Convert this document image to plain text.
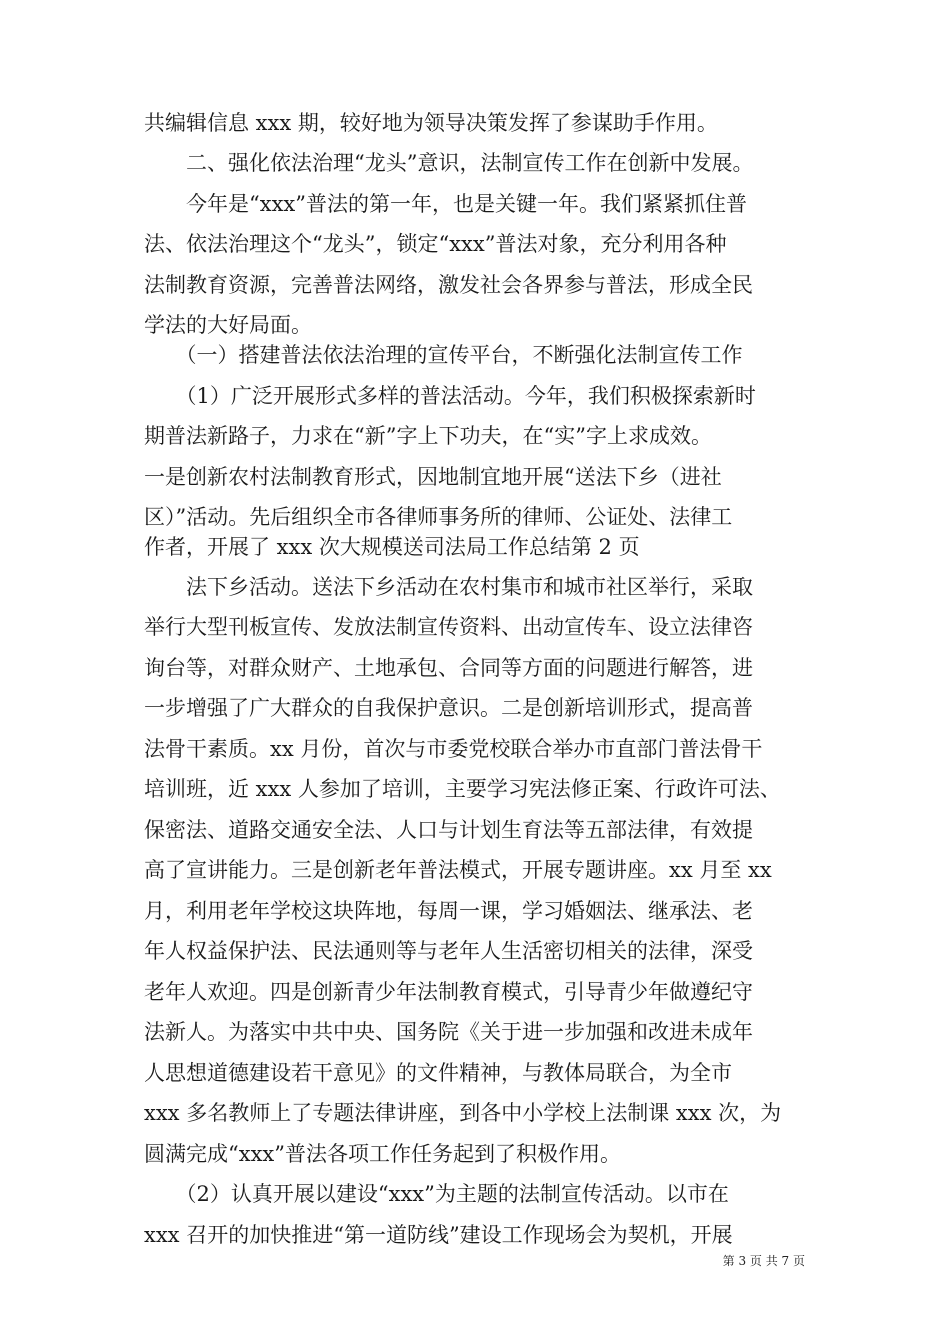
共编辑信息 xxx 期，较好地为领导决策发挥了参谋助手作用。
　　二、强化依法治理“龙头”意识，法制宣传工作在创新中发展。
　　今年是“xxx”普法的第一年，也是关键一年。我们紧紧抓住普
法、依法治理这个“龙头”，锁定“xxx”普法对象，充分利用各种
法制教育资源，完善普法网络，激发社会各界参与普法，形成全民
学法的大好局面。
　　（一）搭建普法依法治理的宣传平台，不断强化法制宣传工作
　　（1）广泛开展形式多样的普法活动。今年，我们积极探索新时
期普法新路子，力求在“新”字上下功夫，在“实”字上求成效。
一是创新农村法制教育形式，因地制宜地开展“送法下乡（进社
区）”活动。先后组织全市各律师事务所的律师、公证处、法律工
作者，开展了 xxx 次大规模送司法局工作总结第 2 页
　　法下乡活动。送法下乡活动在农村集市和城市社区举行，采取
举行大型刊板宣传、发放法制宣传资料、出动宣传车、设立法律咨
询台等，对群众财产、土地承包、合同等方面的问题进行解答，进
一步增强了广大群众的自我保护意识。二是创新培训形式，提高普
法骨干素质。xx 月份，首次与市委党校联合举办市直部门普法骨干
培训班，近 xxx 人参加了培训，主要学习宪法修正案、行政许可法、
保密法、道路交通安全法、人口与计划生育法等五部法律，有效提
高了宣讲能力。三是创新老年普法模式，开展专题讲座。xx 月至 xx
月，利用老年学校这块阵地，每周一课，学习婚姻法、继承法、老
年人权益保护法、民法通则等与老年人生活密切相关的法律，深受
老年人欢迎。四是创新青少年法制教育模式，引导青少年做遵纪守
法新人。为落实中共中央、国务院《关于进一步加强和改进未成年
人思想道德建设若干意见》的文件精神，与教体局联合，为全市
xxx 多名教师上了专题法律讲座，到各中小学校上法制课 xxx 次，为
圆满完成“xxx”普法各项工作任务起到了积极作用。
　　（2）认真开展以建设“xxx”为主题的法制宣传活动。以市在
xxx 召开的加快推进“第一道防线”建设工作现场会为契机，开展
第 3 页 共 7 页
